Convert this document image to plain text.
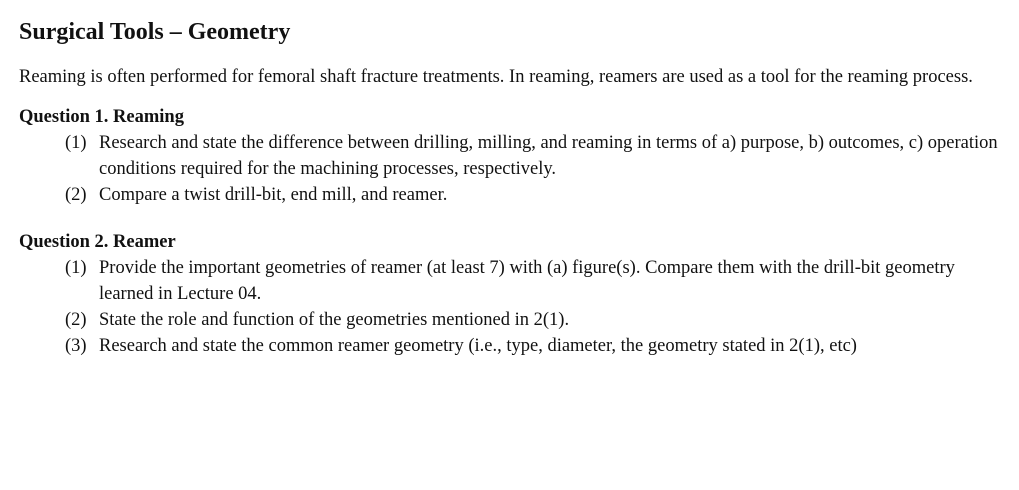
Surgical Tools – Geometry

Reaming is often performed for femoral shaft fracture treatments. In reaming, reamers are used as a tool for the reaming process.

Question 1. Reaming
(1) Research and state the difference between drilling, milling, and reaming in terms of a) purpose, b) outcomes, c) operation conditions required for the machining processes, respectively.
(2) Compare a twist drill-bit, end mill, and reamer.
Question 2. Reamer
(1) Provide the important geometries of reamer (at least 7) with (a) figure(s). Compare them with the drill-bit geometry learned in Lecture 04.
(2) State the role and function of the geometries mentioned in 2(1).
(3) Research and state the common reamer geometry (i.e., type, diameter, the geometry stated in 2(1), etc)
